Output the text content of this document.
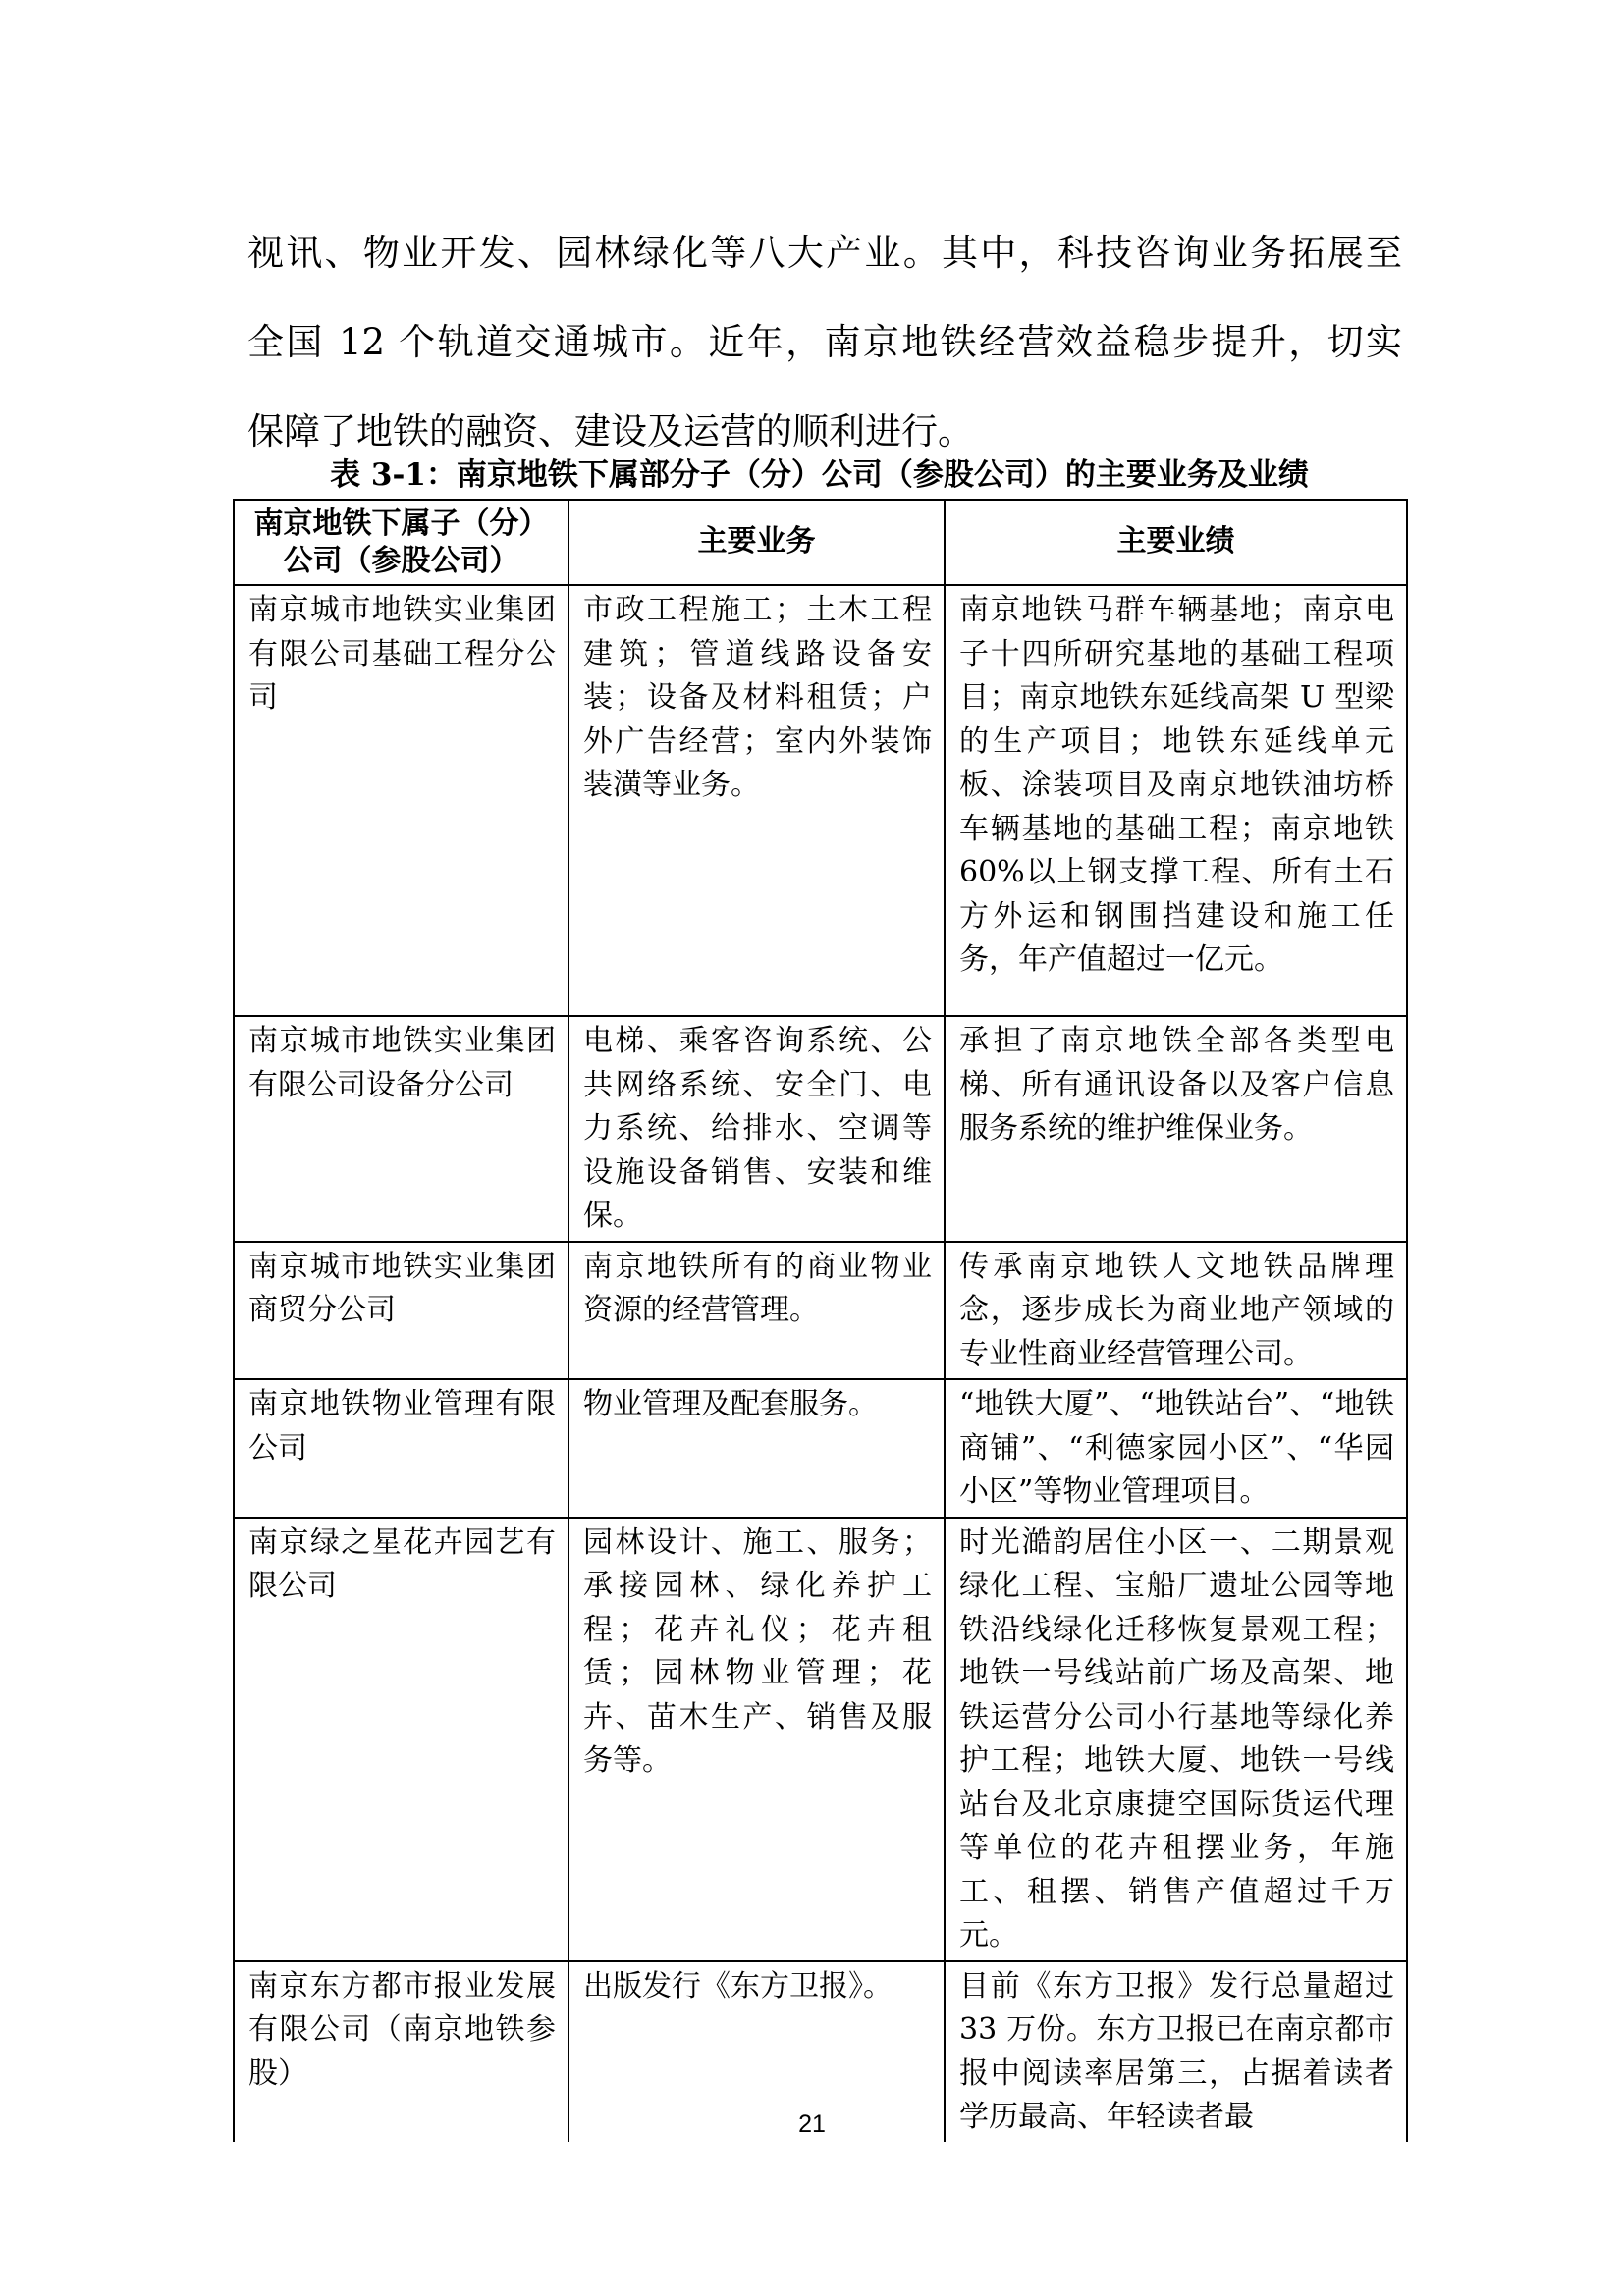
视讯、物业开发、园林绿化等八大产业。其中，科技咨询业务拓展至
全国 12 个轨道交通城市。近年，南京地铁经营效益稳步提升，切实
保障了地铁的融资、建设及运营的顺利进行。
表 3-1：南京地铁下属部分子（分）公司（参股公司）的主要业务及业绩
南京地铁下属子（分）公司（参股公司）	主要业务	主要业绩
南京城市地铁实业集团有限公司基础工程分公司	市政工程施工；土木工程建筑；管道线路设备安装；设备及材料租赁；户外广告经营；室内外装饰装潢等业务。	南京地铁马群车辆基地；南京电子十四所研究基地的基础工程项目；南京地铁东延线高架 U 型梁的生产项目；地铁东延线单元板、涂装项目及南京地铁油坊桥车辆基地的基础工程；南京地铁 60%以上钢支撑工程、所有土石方外运和钢围挡建设和施工任务，年产值超过一亿元。
南京城市地铁实业集团有限公司设备分公司	电梯、乘客咨询系统、公共网络系统、安全门、电力系统、给排水、空调等设施设备销售、安装和维保。	承担了南京地铁全部各类型电梯、所有通讯设备以及客户信息服务系统的维护维保业务。
南京城市地铁实业集团商贸分公司	南京地铁所有的商业物业资源的经营管理。	传承南京地铁人文地铁品牌理念，逐步成长为商业地产领域的专业性商业经营管理公司。
南京地铁物业管理有限公司	物业管理及配套服务。	“地铁大厦”、“地铁站台”、“地铁商铺”、“利德家园小区”、“华园小区”等物业管理项目。
南京绿之星花卉园艺有限公司	园林设计、施工、服务；承接园林、绿化养护工程；花卉礼仪；花卉租赁；园林物业管理；花卉、苗木生产、销售及服务等。	时光澔韵居住小区一、二期景观绿化工程、宝船厂遗址公园等地铁沿线绿化迁移恢复景观工程；地铁一号线站前广场及高架、地铁运营分公司小行基地等绿化养护工程；地铁大厦、地铁一号线站台及北京康捷空国际货运代理等单位的花卉租摆业务，年施工、租摆、销售产值超过千万元。
南京东方都市报业发展有限公司（南京地铁参股）	出版发行《东方卫报》。	目前《东方卫报》发行总量超过 33 万份。东方卫报已在南京都市报中阅读率居第三，占据着读者学历最高、年轻读者最
21
